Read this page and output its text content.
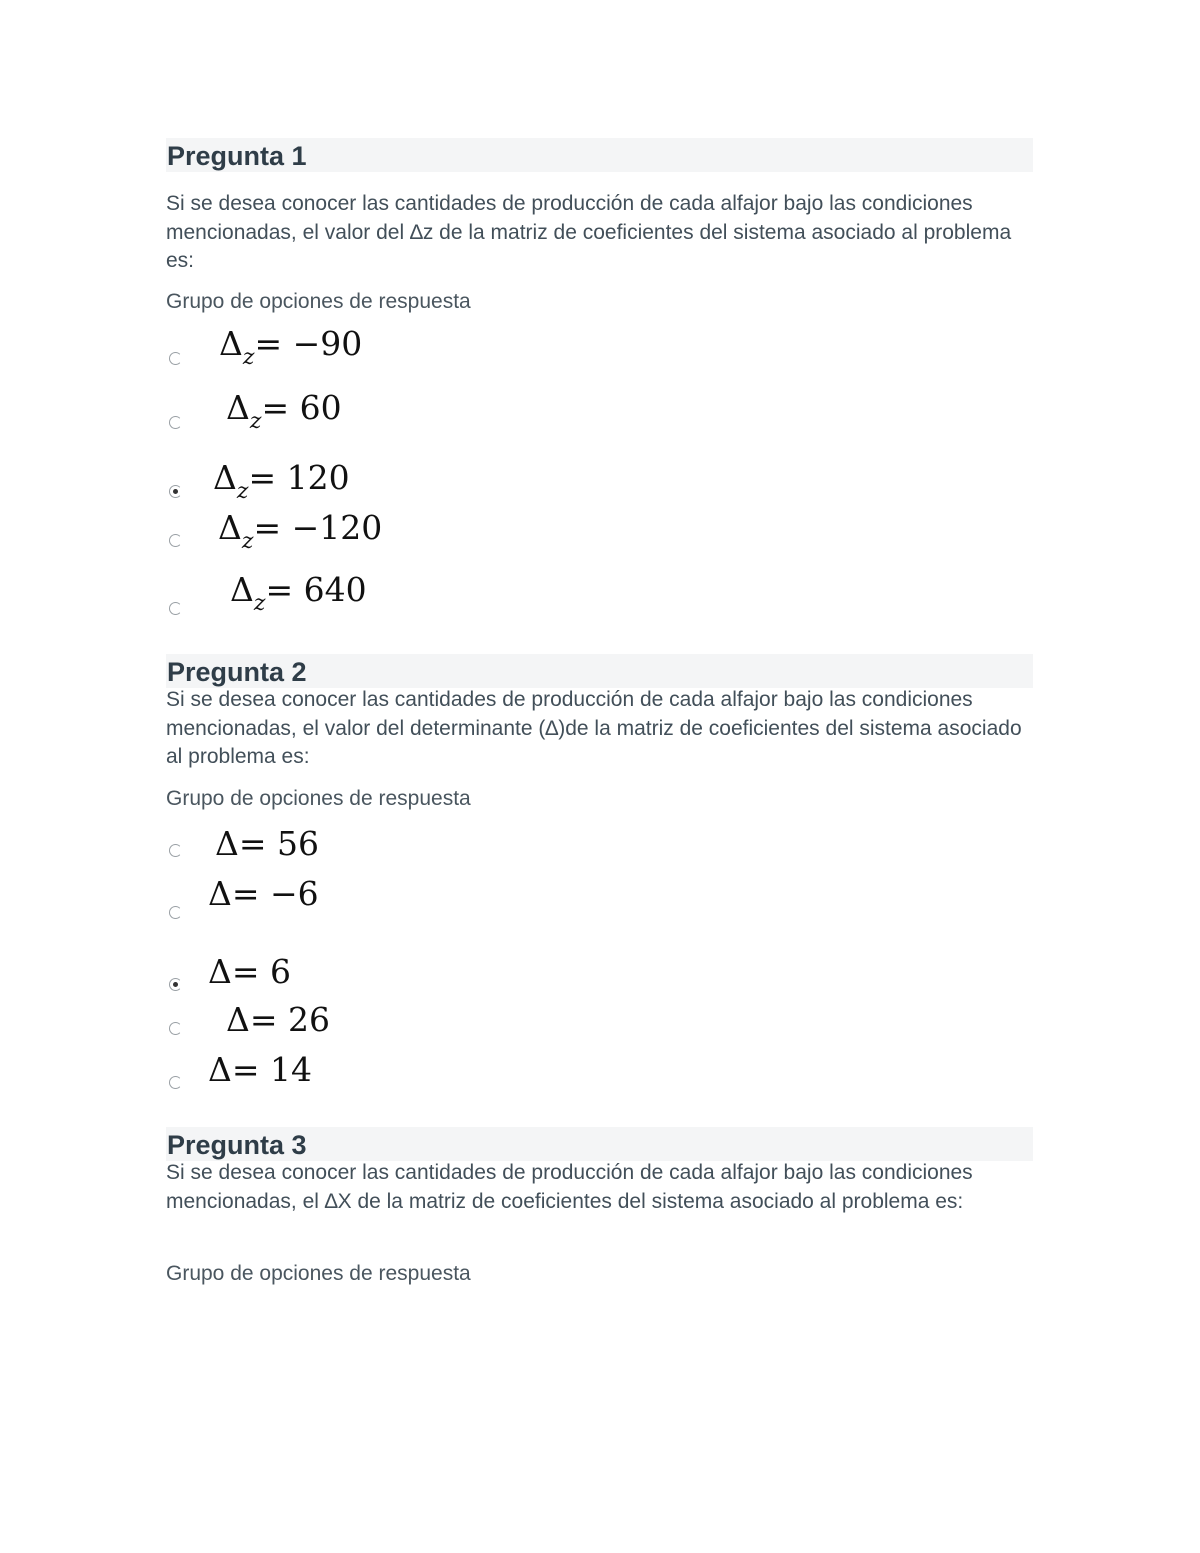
Pregunta 1

Si se desea conocer las cantidades de producción de cada alfajor bajo las condiciones mencionadas, el valor del ∆z de la matriz de coeficientes del sistema asociado al problema es:

Grupo de opciones de respuesta

$\Delta_z= -90$
$\Delta_z= 60$
$\Delta_z= 120$
$\Delta_z= -120$
$\Delta_z= 640$
Pregunta 2

Si se desea conocer las cantidades de producción de cada alfajor bajo las condiciones mencionadas, el valor del determinante (∆)de la matriz de coeficientes del sistema asociado al problema es:

Grupo de opciones de respuesta

Δ= 56
Δ= −6
Δ= 6
Δ= 26
Δ= 14
Pregunta 3

Si se desea conocer las cantidades de producción de cada alfajor bajo las condiciones mencionadas, el ∆X de la matriz de coeficientes del sistema asociado al problema es:

Grupo de opciones de respuesta
